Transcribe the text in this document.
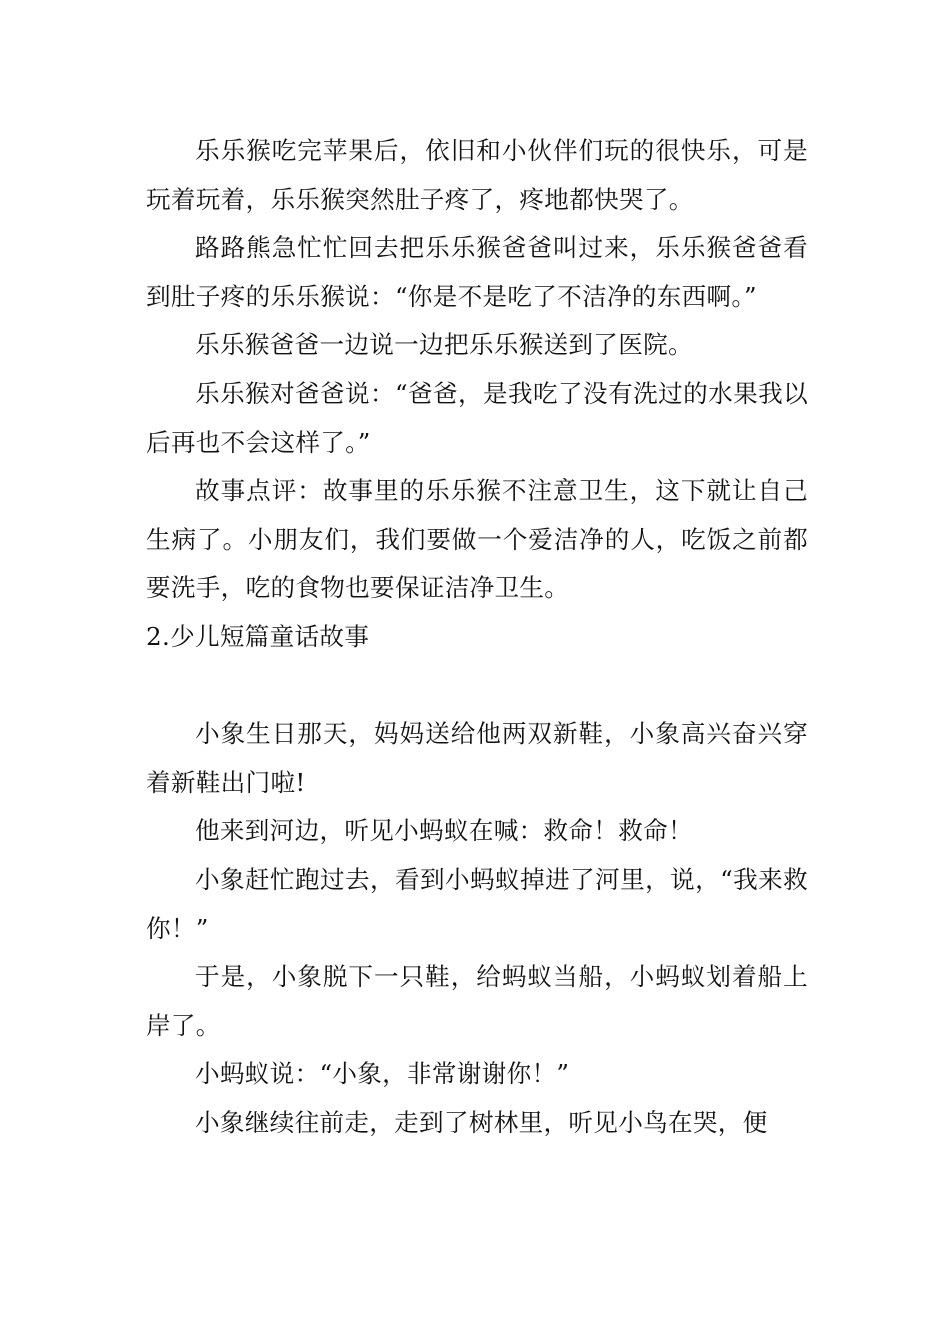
乐乐猴吃完苹果后，依旧和小伙伴们玩的很快乐，可是玩着玩着，乐乐猴突然肚子疼了，疼地都快哭了。

路路熊急忙忙回去把乐乐猴爸爸叫过来，乐乐猴爸爸看到肚子疼的乐乐猴说：“你是不是吃了不洁净的东西啊。”

乐乐猴爸爸一边说一边把乐乐猴送到了医院。

乐乐猴对爸爸说：“爸爸，是我吃了没有洗过的水果我以后再也不会这样了。”

故事点评：故事里的乐乐猴不注意卫生，这下就让自己生病了。小朋友们，我们要做一个爱洁净的人，吃饭之前都要洗手，吃的食物也要保证洁净卫生。

2.少儿短篇童话故事

小象生日那天，妈妈送给他两双新鞋，小象高兴奋兴穿着新鞋出门啦!

他来到河边，听见小蚂蚁在喊：救命！救命！

小象赶忙跑过去，看到小蚂蚁掉进了河里，说，“我来救你！”

于是，小象脱下一只鞋，给蚂蚁当船，小蚂蚁划着船上岸了。

小蚂蚁说：“小象，非常谢谢你！”

小象继续往前走，走到了树林里，听见小鸟在哭，便
